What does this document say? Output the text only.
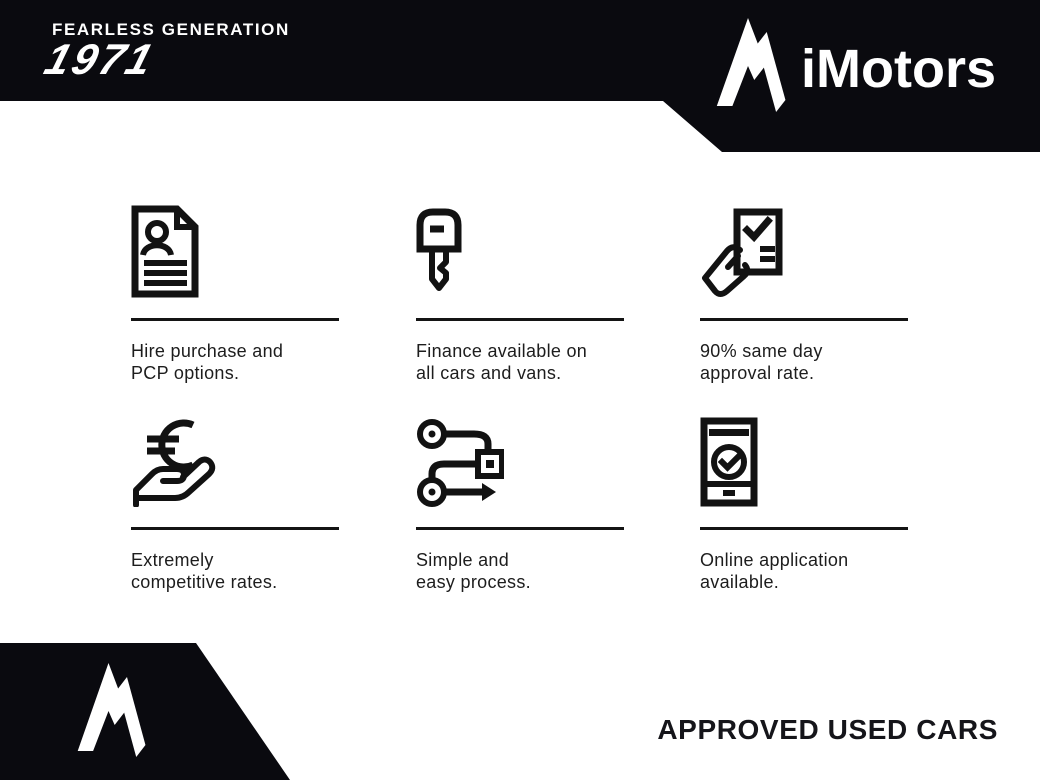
FEARLESS GENERATION
1971	iMotors
Hire purchase and
PCP options.
Finance available on
all cars and vans.
90% same day
approval rate.
Extremely
competitive rates.
Simple and
easy process.
Online application
available.
APPROVED USED CARS
